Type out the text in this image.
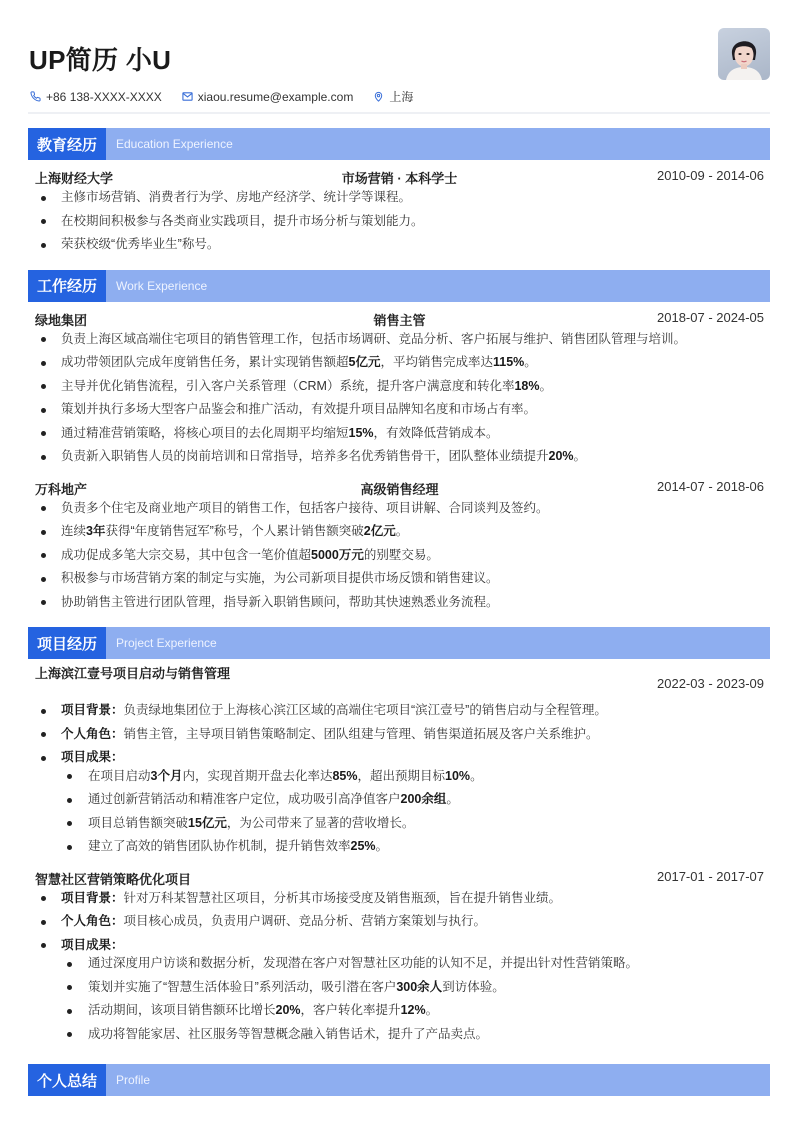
UP简历 小U
+86 138-XXXX-XXXX	xiaou.resume@example.com	上海
教育经历	Education Experience
上海财经大学	市场营销 · 本科学士	2010-09 - 2014-06
主修市场营销、消费者行为学、房地产经济学、统计学等课程。
在校期间积极参与各类商业实践项目，提升市场分析与策划能力。
荣获校级“优秀毕业生”称号。
工作经历	Work Experience
绿地集团	销售主管	2018-07 - 2024-05
负责上海区域高端住宅项目的销售管理工作，包括市场调研、竞品分析、客户拓展与维护、销售团队管理与培训。
成功带领团队完成年度销售任务，累计实现销售额超5亿元，平均销售完成率达115%。
主导并优化销售流程，引入客户关系管理（CRM）系统，提升客户满意度和转化率18%。
策划并执行多场大型客户品鉴会和推广活动，有效提升项目品牌知名度和市场占有率。
通过精准营销策略，将核心项目的去化周期平均缩短15%，有效降低营销成本。
负责新入职销售人员的岗前培训和日常指导，培养多名优秀销售骨干，团队整体业绩提升20%。
万科地产	高级销售经理	2014-07 - 2018-06
负责多个住宅及商业地产项目的销售工作，包括客户接待、项目讲解、合同谈判及签约。
连续3年获得“年度销售冠军”称号，个人累计销售额突破2亿元。
成功促成多笔大宗交易，其中包含一笔价值超5000万元的别墅交易。
积极参与市场营销方案的制定与实施，为公司新项目提供市场反馈和销售建议。
协助销售主管进行团队管理，指导新入职销售顾问，帮助其快速熟悉业务流程。
项目经历	Project Experience
上海滨江壹号项目启动与销售管理
2022-03 - 2023-09
项目背景：负责绿地集团位于上海核心滨江区域的高端住宅项目“滨江壹号”的销售启动与全程管理。
个人角色：销售主管，主导项目销售策略制定、团队组建与管理、销售渠道拓展及客户关系维护。
项目成果：
在项目启动3个月内，实现首期开盘去化率达85%，超出预期目标10%。
通过创新营销活动和精准客户定位，成功吸引高净值客户200余组。
项目总销售额突破15亿元，为公司带来了显著的营收增长。
建立了高效的销售团队协作机制，提升销售效率25%。
智慧社区营销策略优化项目	2017-01 - 2017-07
项目背景：针对万科某智慧社区项目，分析其市场接受度及销售瓶颈，旨在提升销售业绩。
个人角色：项目核心成员，负责用户调研、竞品分析、营销方案策划与执行。
项目成果：
通过深度用户访谈和数据分析，发现潜在客户对智慧社区功能的认知不足，并提出针对性营销策略。
策划并实施了“智慧生活体验日”系列活动，吸引潜在客户300余人到访体验。
活动期间，该项目销售额环比增长20%，客户转化率提升12%。
成功将智能家居、社区服务等智慧概念融入销售话术，提升了产品卖点。
个人总结	Profile
